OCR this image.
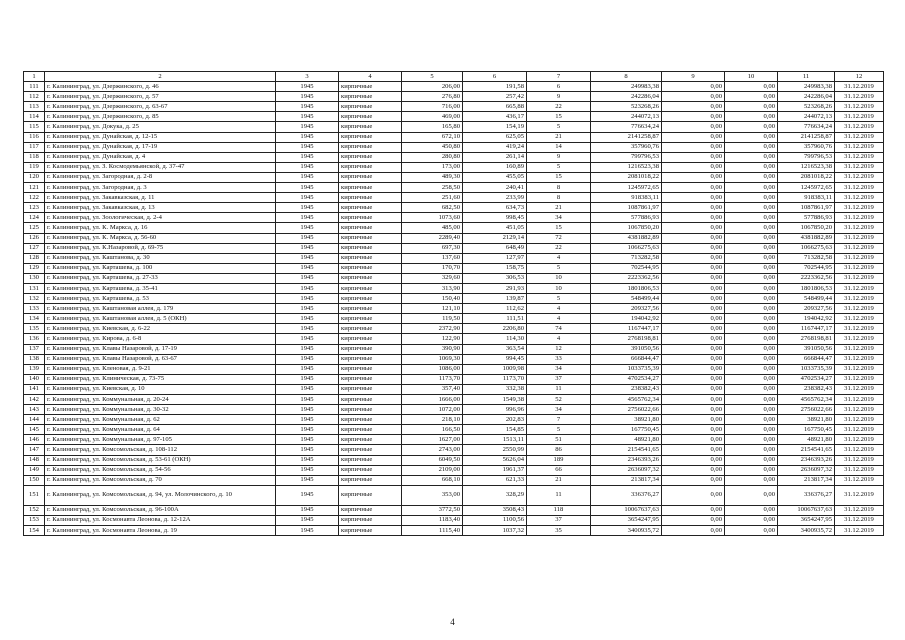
1	2	3	4	5	6	7	8	9	10	11	12
111	г. Калининград, ул. Дзержинского, д. 46	1945	кирпичные	206,00	191,58	6	249983,38	0,00	0,00	249983,38	31.12.2019
112	г. Калининград, ул. Дзержинского, д. 57	1945	кирпичные	276,80	257,42	9	242286,04	0,00	0,00	242286,04	31.12.2019
113	г. Калининград, ул. Дзержинского, д. 63-67	1945	кирпичные	716,00	665,88	22	523268,26	0,00	0,00	523268,26	31.12.2019
114	г. Калининград, ул. Дзержинского, д. 85	1945	кирпичные	469,00	436,17	15	244072,13	0,00	0,00	244072,13	31.12.2019
115	г. Калининград, ул. Докука, д. 25	1945	кирпичные	165,80	154,19	5	776634,24	0,00	0,00	776634,24	31.12.2019
116	г. Калининград, ул. Дунайская, д. 12-15	1945	кирпичные	672,10	625,05	21	2141258,87	0,00	0,00	2141258,87	31.12.2019
117	г. Калининград, ул. Дунайская, д. 17-19	1945	кирпичные	450,80	419,24	14	357960,76	0,00	0,00	357960,76	31.12.2019
118	г. Калининград, ул. Дунайская, д. 4	1945	кирпичные	280,80	261,14	9	799796,53	0,00	0,00	799796,53	31.12.2019
119	г. Калининград, ул. З. Космодемьянской, д. 37-47	1945	кирпичные	173,00	160,89	5	1216523,38	0,00	0,00	1216523,38	31.12.2019
120	г. Калининград, ул. Загородная, д. 2-8	1945	кирпичные	489,30	455,05	15	2081018,22	0,00	0,00	2081018,22	31.12.2019
121	г. Калининград, ул. Загородная, д. 3	1945	кирпичные	258,50	240,41	8	1245972,65	0,00	0,00	1245972,65	31.12.2019
122	г. Калининград, ул. Закавказская, д. 11	1945	кирпичные	251,60	233,99	8	918383,11	0,00	0,00	918383,11	31.12.2019
123	г. Калининград, ул. Закавказская, д. 13	1945	кирпичные	682,50	634,73	21	1087861,97	0,00	0,00	1087861,97	31.12.2019
124	г. Калининград, ул. Зоологическая, д. 2-4	1945	кирпичные	1073,60	998,45	34	577886,93	0,00	0,00	577886,93	31.12.2019
125	г. Калининград, ул. К. Маркса, д. 16	1945	кирпичные	485,00	451,05	15	1067850,20	0,00	0,00	1067850,20	31.12.2019
126	г. Калининград, ул. К. Маркса, д. 56-60	1945	кирпичные	2289,40	2129,14	72	4381882,89	0,00	0,00	4381882,89	31.12.2019
127	г. Калининград, ул. К.Назаровой, д. 69-75	1945	кирпичные	697,30	648,49	22	1066275,63	0,00	0,00	1066275,63	31.12.2019
128	г. Калининград, ул. Каштанова, д. 30	1945	кирпичные	137,60	127,97	4	713282,58	0,00	0,00	713282,58	31.12.2019
129	г. Калининград, ул. Карташева, д. 100	1945	кирпичные	170,70	158,75	5	702544,95	0,00	0,00	702544,95	31.12.2019
130	г. Калининград, ул. Карташева, д. 27-33	1945	кирпичные	329,60	306,53	10	2223362,56	0,00	0,00	2223362,56	31.12.2019
131	г. Калининград, ул. Карташева, д. 35-41	1945	кирпичные	313,90	291,93	10	1801806,53	0,00	0,00	1801806,53	31.12.2019
132	г. Калининград, ул. Карташева, д. 53	1945	кирпичные	150,40	139,87	5	548499,44	0,00	0,00	548499,44	31.12.2019
133	г. Калининград, ул. Каштановая аллея, д. 179	1945	кирпичные	121,10	112,62	4	209327,56	0,00	0,00	209327,56	31.12.2019
134	г. Калининград, ул. Каштановая аллея, д. 5 (ОКН)	1945	кирпичные	119,50	111,51	4	194042,92	0,00	0,00	194042,92	31.12.2019
135	г. Калининград, ул. Киевская, д. 6-22	1945	кирпичные	2372,90	2206,80	74	1167447,17	0,00	0,00	1167447,17	31.12.2019
136	г. Калининград, ул. Кирова, д. 6-8	1945	кирпичные	122,90	114,30	4	2768198,81	0,00	0,00	2768198,81	31.12.2019
137	г. Калининград, ул. Клавы Назаровой, д. 17-19	1945	кирпичные	390,90	363,54	12	391050,56	0,00	0,00	391050,56	31.12.2019
138	г. Калининград, ул. Клавы Назаровой, д. 63-67	1945	кирпичные	1069,30	994,45	33	666844,47	0,00	0,00	666844,47	31.12.2019
139	г. Калининград, ул. Кленовая, д. 9-21	1945	кирпичные	1086,00	1009,98	34	1033735,39	0,00	0,00	1033735,39	31.12.2019
140	г. Калининград, ул. Клиническая, д. 73-75	1945	кирпичные	1173,70	1173,70	37	4702534,27	0,00	0,00	4702534,27	31.12.2019
141	г. Калининград, ул. Киевская, д. 10	1945	кирпичные	357,40	332,38	11	238382,43	0,00	0,00	238382,43	31.12.2019
142	г. Калининград, ул. Коммунальная, д. 20-24	1945	кирпичные	1666,00	1549,38	52	4565762,34	0,00	0,00	4565762,34	31.12.2019
143	г. Калининград, ул. Коммунальная, д. 30-32	1945	кирпичные	1072,00	996,96	34	2756022,66	0,00	0,00	2756022,66	31.12.2019
144	г. Калининград, ул. Коммунальная, д. 62	1945	кирпичные	218,10	202,83	7	38921,80	0,00	0,00	38921,80	31.12.2019
145	г. Калининград, ул. Коммунальная, д. 64	1945	кирпичные	166,50	154,85	5	167750,45	0,00	0,00	167750,45	31.12.2019
146	г. Калининград, ул. Коммунальная, д. 97-105	1945	кирпичные	1627,00	1513,11	51	48921,80	0,00	0,00	48921,80	31.12.2019
147	г. Калининград, ул. Комсомольская, д. 108-112	1945	кирпичные	2743,00	2550,99	86	2154541,65	0,00	0,00	2154541,65	31.12.2019
148	г. Калининград, ул. Комсомольская, д. 53-61 (ОКН)	1945	кирпичные	6049,50	5626,04	189	2346393,26	0,00	0,00	2346393,26	31.12.2019
149	г. Калининград, ул. Комсомольская, д. 54-56	1945	кирпичные	2109,00	1961,37	66	2636097,32	0,00	0,00	2636097,32	31.12.2019
150	г. Калининград, ул. Комсомольская, д. 70	1945	кирпичные	668,10	621,33	21	213817,34	0,00	0,00	213817,34	31.12.2019
151	г. Калининград, ул. Комсомольская, д. 94, ул. Молочинского, д. 10	1945	кирпичные	353,00	328,29	11	336376,27	0,00	0,00	336376,27	31.12.2019
152	г. Калининград, ул. Комсомольская, д. 96-100А	1945	кирпичные	3772,50	3508,43	118	10067637,63	0,00	0,00	10067637,63	31.12.2019
153	г. Калининград, ул. Космонавта Леонова, д. 12-12А	1945	кирпичные	1183,40	1100,56	37	3654247,95	0,00	0,00	3654247,95	31.12.2019
154	г. Калининград, ул. Космонавта Леонова, д. 19	1945	кирпичные	1115,40	1037,32	35	3400935,72	0,00	0,00	3400935,72	31.12.2019
4
